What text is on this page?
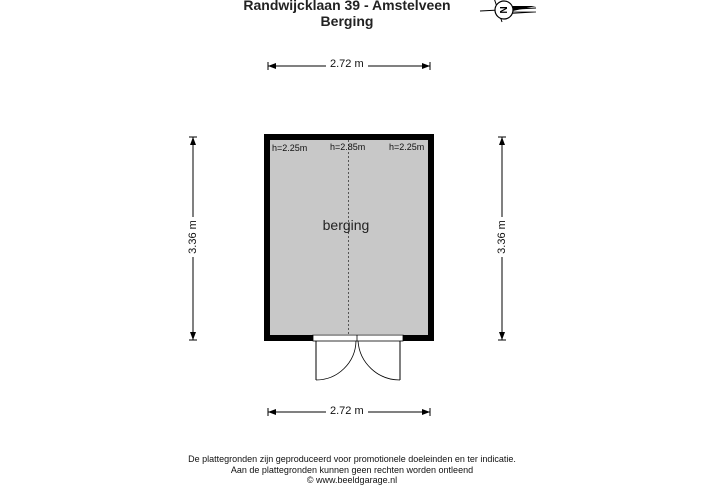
Randwijcklaan 39 - Amstelveen
Berging
N
2.72 m
2.72 m
3.36 m	3.36 m
h=2.25m	h=2.85m	h=2.25m
berging
De plattegronden zijn geproduceerd voor promotionele doeleinden en ter indicatie.
Aan de plattegronden kunnen geen rechten worden ontleend
© www.beeldgarage.nl
